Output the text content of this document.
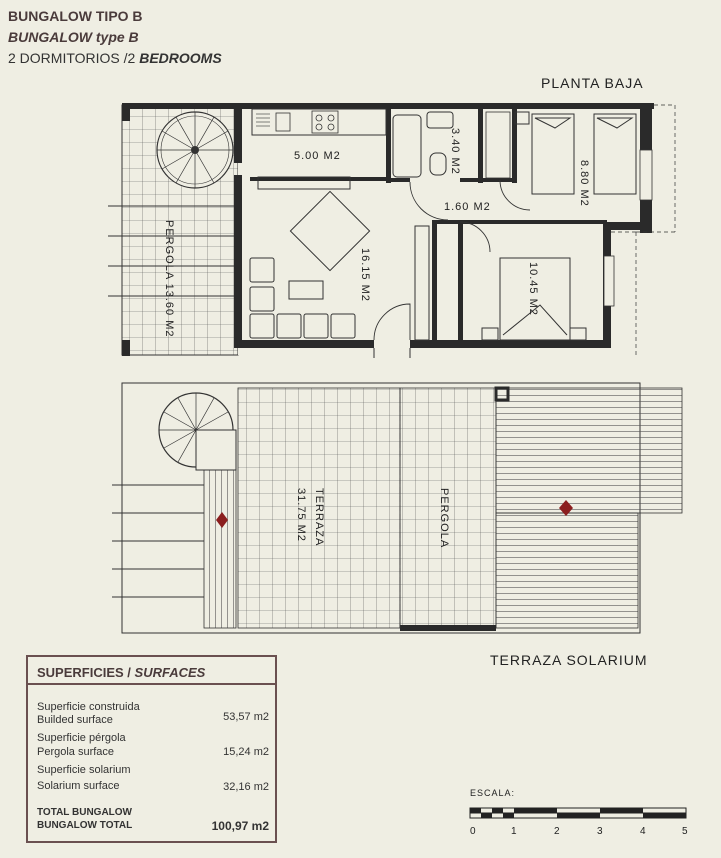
BUNGALOW TIPO B
BUNGALOW type B
2 DORMITORIOS /2 BEDROOMS
PLANTA BAJA
TERRAZA SOLARIUM
5.00 M2
1.60 M2
3.40 M2
8.80 M2
16.15 M2	10.45 M2
PERGOLA 13.60 M2
TERRAZA
31.75 M2	PERGOLA
SUPERFICIES / SURFACES
Superficie construida
Builded surface	53,57 m2
Superficie pérgola
Pergola surface	15,24 m2
Superficie solarium
Solarium surface	32,16 m2
TOTAL BUNGALOW
BUNGALOW TOTAL	100,97 m2
ESCALA:
0	1	2	3	4	5
